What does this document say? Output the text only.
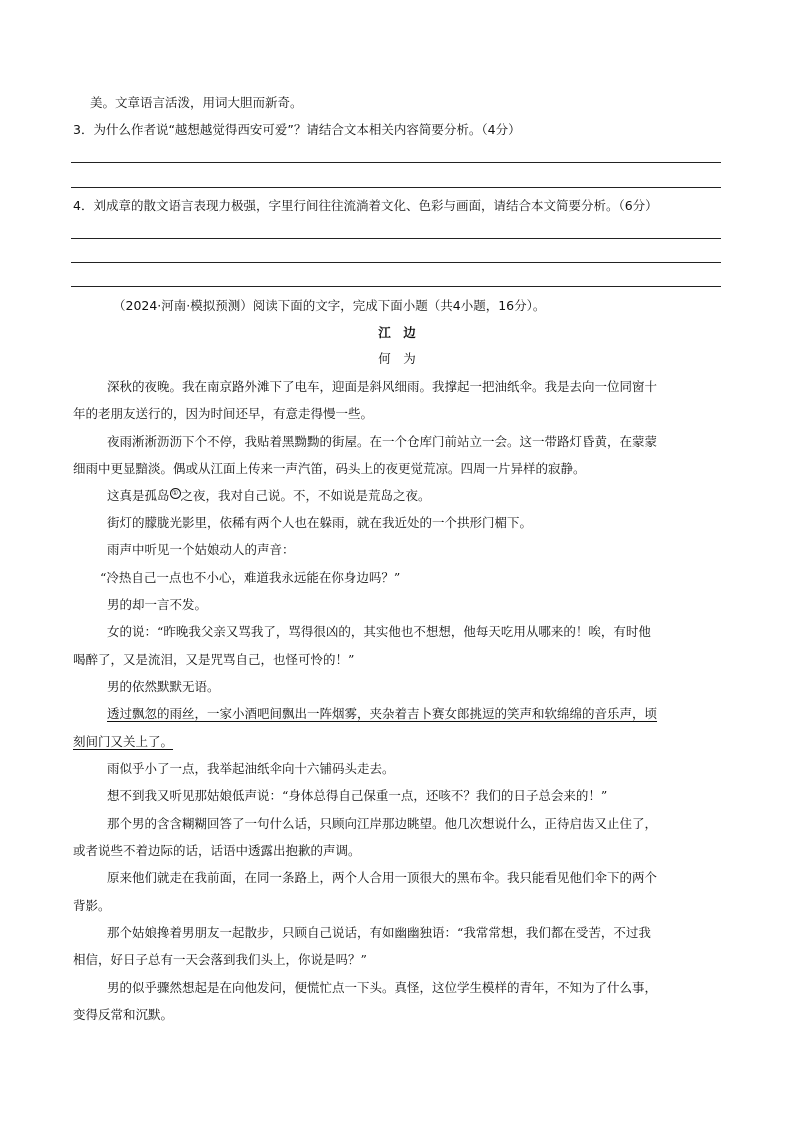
美。文章语言活泼，用词大胆而新奇。
3．为什么作者说“越想越觉得西安可爱”？请结合文本相关内容简要分析。（4分）
4．刘成章的散文语言表现力极强，字里行间往往流淌着文化、色彩与画面，请结合本文简要分析。（6分）
（2024·河南·模拟预测）阅读下面的文字，完成下面小题（共4小题，16分）。
江　边
何　为
深秋的夜晚。我在南京路外滩下了电车，迎面是斜风细雨。我撑起一把油纸伞。我是去向一位同窗十
年的老朋友送行的，因为时间还早，有意走得慢一些。
夜雨淅淅沥沥下个不停，我贴着黑黝黝的街屋。在一个仓库门前站立一会。这一带路灯昏黄，在蒙蒙
细雨中更显黯淡。偶或从江面上传来一声汽笛，码头上的夜更觉荒凉。四周一片异样的寂静。
这真是孤岛 ① 之夜，我对自己说。不，不如说是荒岛之夜。
街灯的朦胧光影里，依稀有两个人也在躲雨，就在我近处的一个拱形门楣下。
雨声中听见一个姑娘动人的声音：
“冷热自己一点也不小心，难道我永远能在你身边吗？”
男的却一言不发。
女的说：“昨晚我父亲又骂我了，骂得很凶的，其实他也不想想，他每天吃用从哪来的！唉，有时他
喝醉了，又是流泪，又是咒骂自己，也怪可怜的！”
男的依然默默无语。
透过飘忽的雨丝，一家小酒吧间飘出一阵烟雾，夹杂着吉卜赛女郎挑逗的笑声和软绵绵的音乐声，顷
刻间门又关上了。
雨似乎小了一点，我举起油纸伞向十六铺码头走去。
想不到我又听见那姑娘低声说：“身体总得自己保重一点，还咳不？我们的日子总会来的！”
那个男的含含糊糊回答了一句什么话，只顾向江岸那边眺望。他几次想说什么，正待启齿又止住了，
或者说些不着边际的话，话语中透露出抱歉的声调。
原来他们就走在我前面，在同一条路上，两个人合用一顶很大的黑布伞。我只能看见他们伞下的两个
背影。
那个姑娘搀着男朋友一起散步，只顾自己说话，有如幽幽独语：“我常常想，我们都在受苦，不过我
相信，好日子总有一天会落到我们头上，你说是吗？”
男的似乎骤然想起是在向他发问，便慌忙点一下头。真怪，这位学生模样的青年，不知为了什么事，
变得反常和沉默。
